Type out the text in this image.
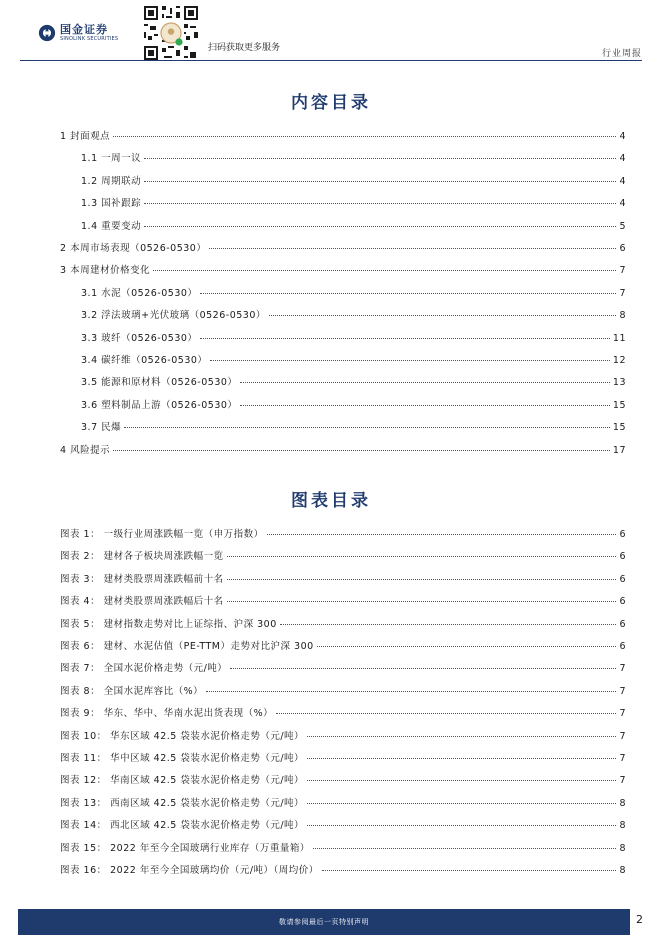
国金证券
SINOLINK SECURITIES
扫码获取更多服务
行业周报
内容目录
1 封面观点	4
1.1 一周一议	4
1.2 周期联动	4
1.3 国补跟踪	4
1.4 重要变动	5
2 本周市场表现（0526-0530）	6
3 本周建材价格变化	7
3.1 水泥（0526-0530）	7
3.2 浮法玻璃+光伏玻璃（0526-0530）	8
3.3 玻纤（0526-0530）	11
3.4 碳纤维（0526-0530）	12
3.5 能源和原材料（0526-0530）	13
3.6 塑料制品上游（0526-0530）	15
3.7 民爆	15
4 风险提示	17
图表目录
图表 1： 一级行业周涨跌幅一览（申万指数）	6
图表 2： 建材各子板块周涨跌幅一览	6
图表 3： 建材类股票周涨跌幅前十名	6
图表 4： 建材类股票周涨跌幅后十名	6
图表 5： 建材指数走势对比上证综指、沪深 300	6
图表 6： 建材、水泥估值（PE-TTM）走势对比沪深 300	6
图表 7： 全国水泥价格走势（元/吨）	7
图表 8： 全国水泥库容比（%）	7
图表 9： 华东、华中、华南水泥出货表现（%）	7
图表 10： 华东区域 42.5 袋装水泥价格走势（元/吨）	7
图表 11： 华中区域 42.5 袋装水泥价格走势（元/吨）	7
图表 12： 华南区域 42.5 袋装水泥价格走势（元/吨）	7
图表 13： 西南区域 42.5 袋装水泥价格走势（元/吨）	8
图表 14： 西北区域 42.5 袋装水泥价格走势（元/吨）	8
图表 15： 2022 年至今全国玻璃行业库存（万重量箱）	8
图表 16： 2022 年至今全国玻璃均价（元/吨）（周均价）	8
敬请参阅最后一页特别声明	2
